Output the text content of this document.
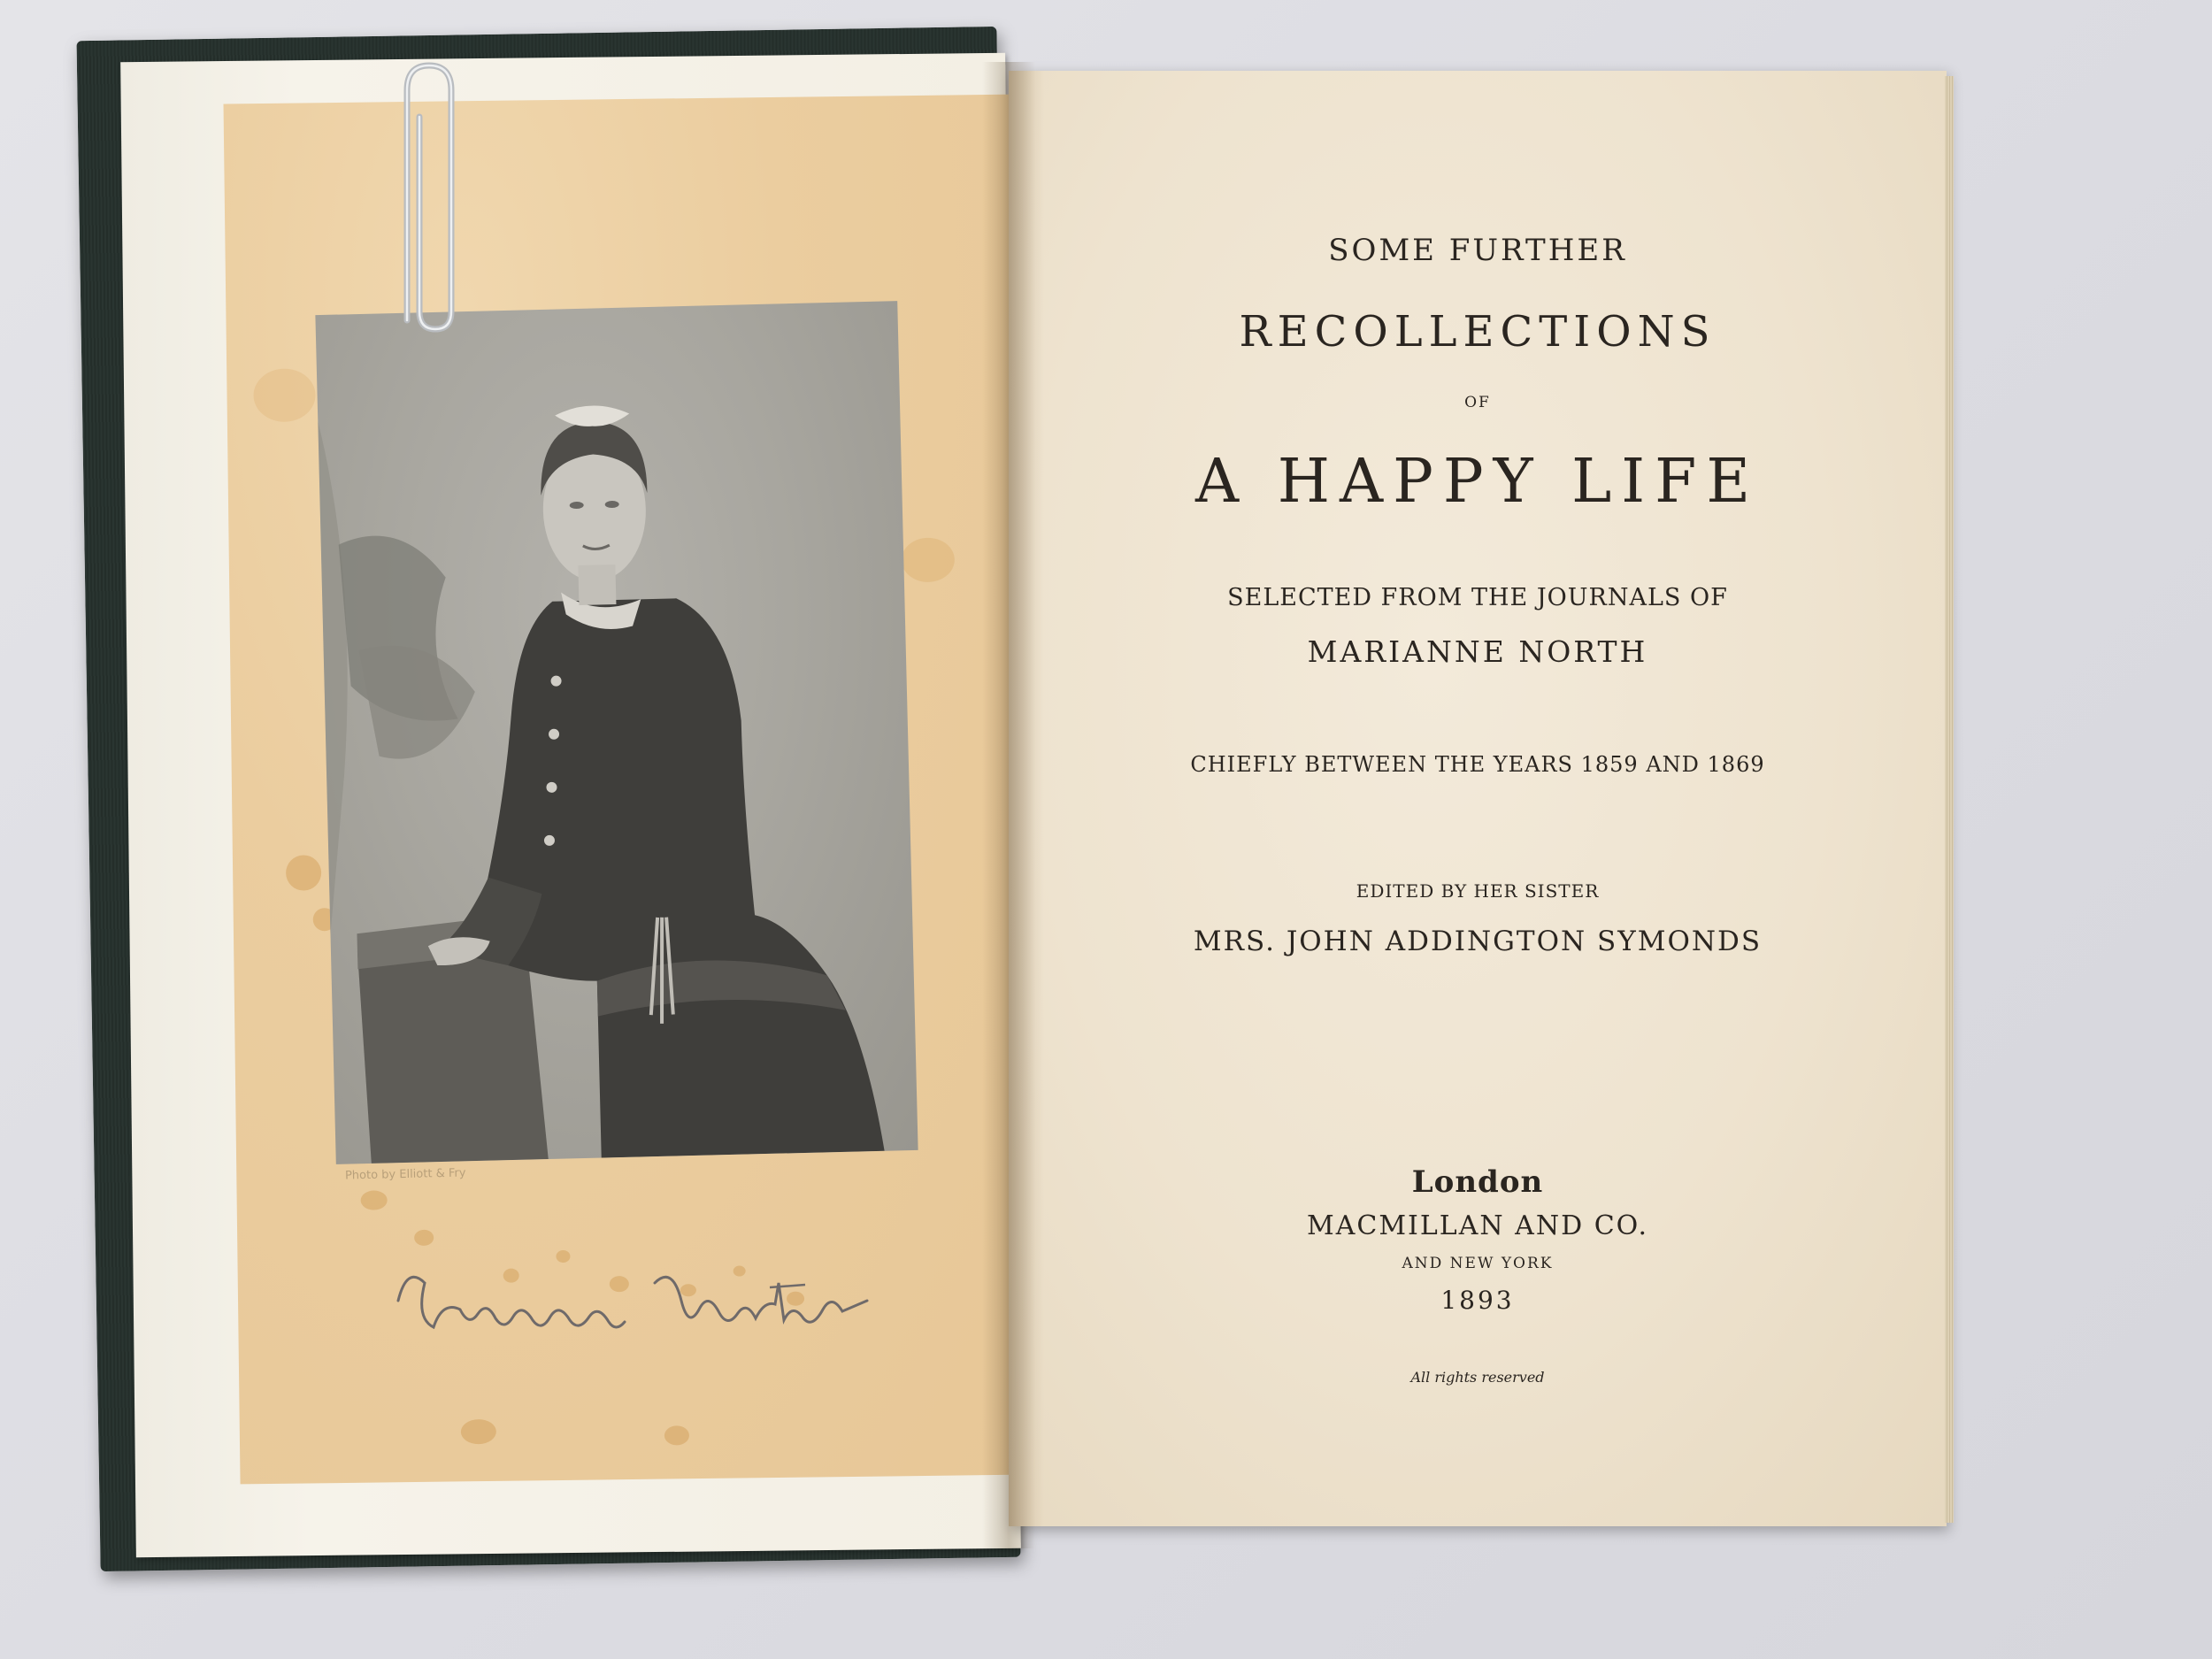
Photo by Elliott & Fry
SOME FURTHER
RECOLLECTIONS
OF
A HAPPY LIFE
SELECTED FROM THE JOURNALS OF
MARIANNE NORTH
CHIEFLY BETWEEN THE YEARS 1859 AND 1869
EDITED BY HER SISTER
MRS. JOHN ADDINGTON SYMONDS
London
MACMILLAN AND CO.
AND NEW YORK
1893
All rights reserved
